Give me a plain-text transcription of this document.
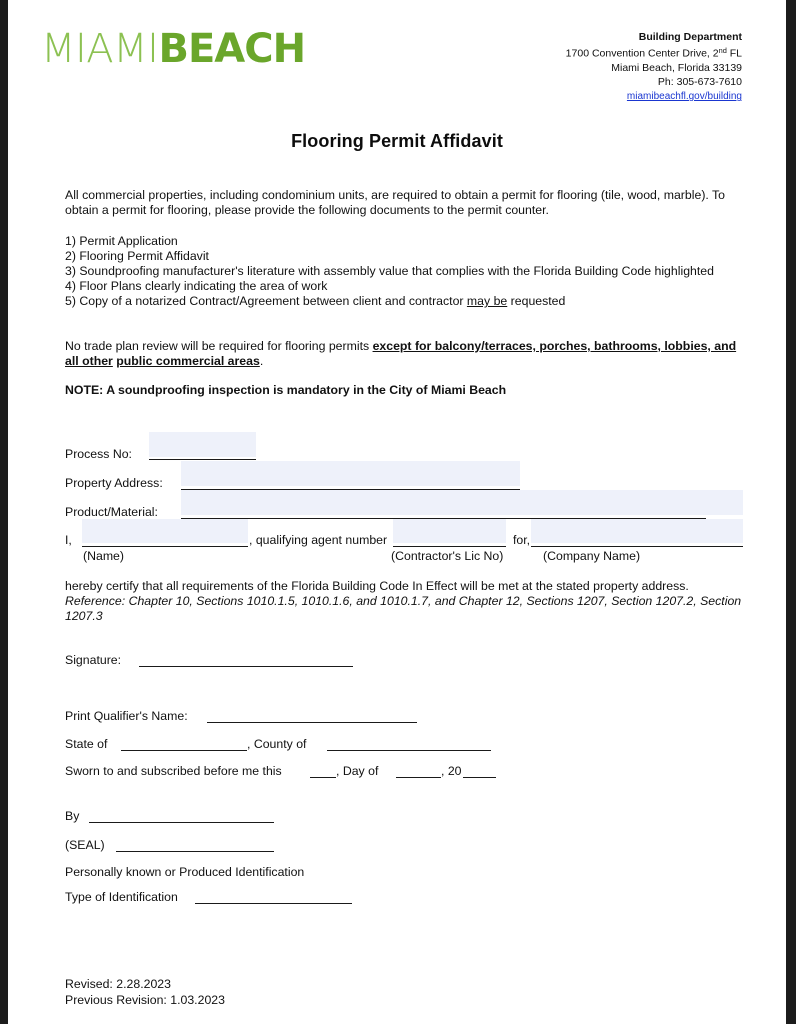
MIAMIBEACH	Building Department
1700 Convention Center Drive, 2nd FL
Miami Beach, Florida 33139
Ph: 305-673-7610
miamibeachfl.gov/building
Flooring Permit Affidavit
All commercial properties, including condominium units, are required to obtain a permit for flooring (tile, wood, marble). To obtain a permit for flooring, please provide the following documents to the permit counter.
1) Permit Application
2) Flooring Permit Affidavit
3) Soundproofing manufacturer's literature with assembly value that complies with the Florida Building Code highlighted
4) Floor Plans clearly indicating the area of work
5) Copy of a notarized Contract/Agreement between client and contractor may be requested
No trade plan review will be required for flooring permits except for balcony/terraces, porches, bathrooms, lobbies, and all other public commercial areas.
NOTE: A soundproofing inspection is mandatory in the City of Miami Beach
Process No:
Property Address:
Product/Material:
I,	, qualifying agent number	for,
(Name)	(Contractor's Lic No)	(Company Name)
hereby certify that all requirements of the Florida Building Code In Effect will be met at the stated property address.
Reference: Chapter 10, Sections 1010.1.5, 1010.1.6, and 1010.1.7, and Chapter 12, Sections 1207, Section 1207.2, Section 1207.3
Signature:
Print Qualifier's Name:
State of	, County of
Sworn to and subscribed before me this	, Day of	, 20
By
(SEAL)
Personally known or Produced Identification
Type of Identification
Revised: 2.28.2023
Previous Revision: 1.03.2023
